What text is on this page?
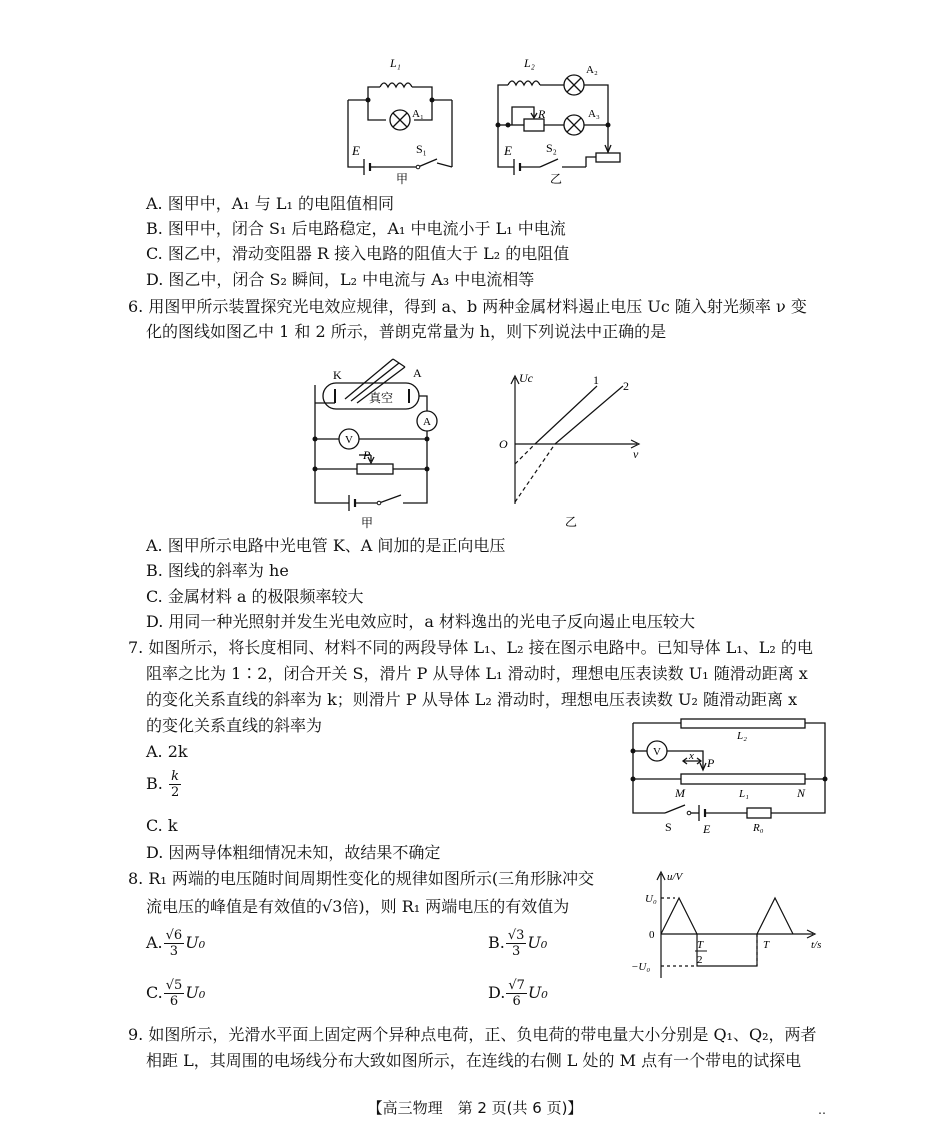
L₁
A₁
E	S₁
甲
L₂	A₂
R	A₃
E	S₂
乙
A. 图甲中，A₁ 与 L₁ 的电阻值相同
B. 图甲中，闭合 S₁ 后电路稳定，A₁ 中电流小于 L₁ 中电流
C. 图乙中，滑动变阻器 R 接入电路的阻值大于 L₂ 的电阻值
D. 图乙中，闭合 S₂ 瞬间，L₂ 中电流与 A₃ 中电流相等
6. 用图甲所示装置探究光电效应规律，得到 a、b 两种金属材料遏止电压 Uc 随入射光频率 ν 变
化的图线如图乙中 1 和 2 所示，普朗克常量为 h，则下列说法中正确的是
K	A
真空
A
V
P
甲
Uc
O
ν
1 2
乙
A. 图甲所示电路中光电管 K、A 间加的是正向电压
B. 图线的斜率为 he
C. 金属材料 a 的极限频率较大
D. 用同一种光照射并发生光电效应时，a 材料逸出的光电子反向遏止电压较大
7. 如图所示，将长度相同、材料不同的两段导体 L₁、L₂ 接在图示电路中。已知导体 L₁、L₂ 的电
阻率之比为 1∶2，闭合开关 S，滑片 P 从导体 L₁ 滑动时，理想电压表读数 U₁ 随滑动距离 x
的变化关系直线的斜率为 k；则滑片 P 从导体 L₂ 滑动时，理想电压表读数 U₂ 随滑动距离 x
的变化关系直线的斜率为
A. 2k
B. $\frac{k}{2}$
C. k
D. 因两导体粗细情况未知，故结果不确定
L₂
V	x P
M	L₁	N
S	E	R₀
8. R₁ 两端的电压随时间周期性变化的规律如图所示(三角形脉冲交
流电压的峰值是有效值的√3倍)，则 R₁ 两端电压的有效值为
A. $\frac{√6}{3} U_0$	B. $\frac{√3}{3} U_0$
C. $\frac{√5}{6} U_0$	D. $\frac{√7}{6} U_0$
u/V
U₀
0
−U₀
T
2
T	t/s
9. 如图所示，光滑水平面上固定两个异种点电荷，正、负电荷的带电量大小分别是 Q₁、Q₂，两者
相距 L，其周围的电场线分布大致如图所示，在连线的右侧 L 处的 M 点有一个带电的试探电
【高三物理　第 2 页(共 6 页)】	‥
